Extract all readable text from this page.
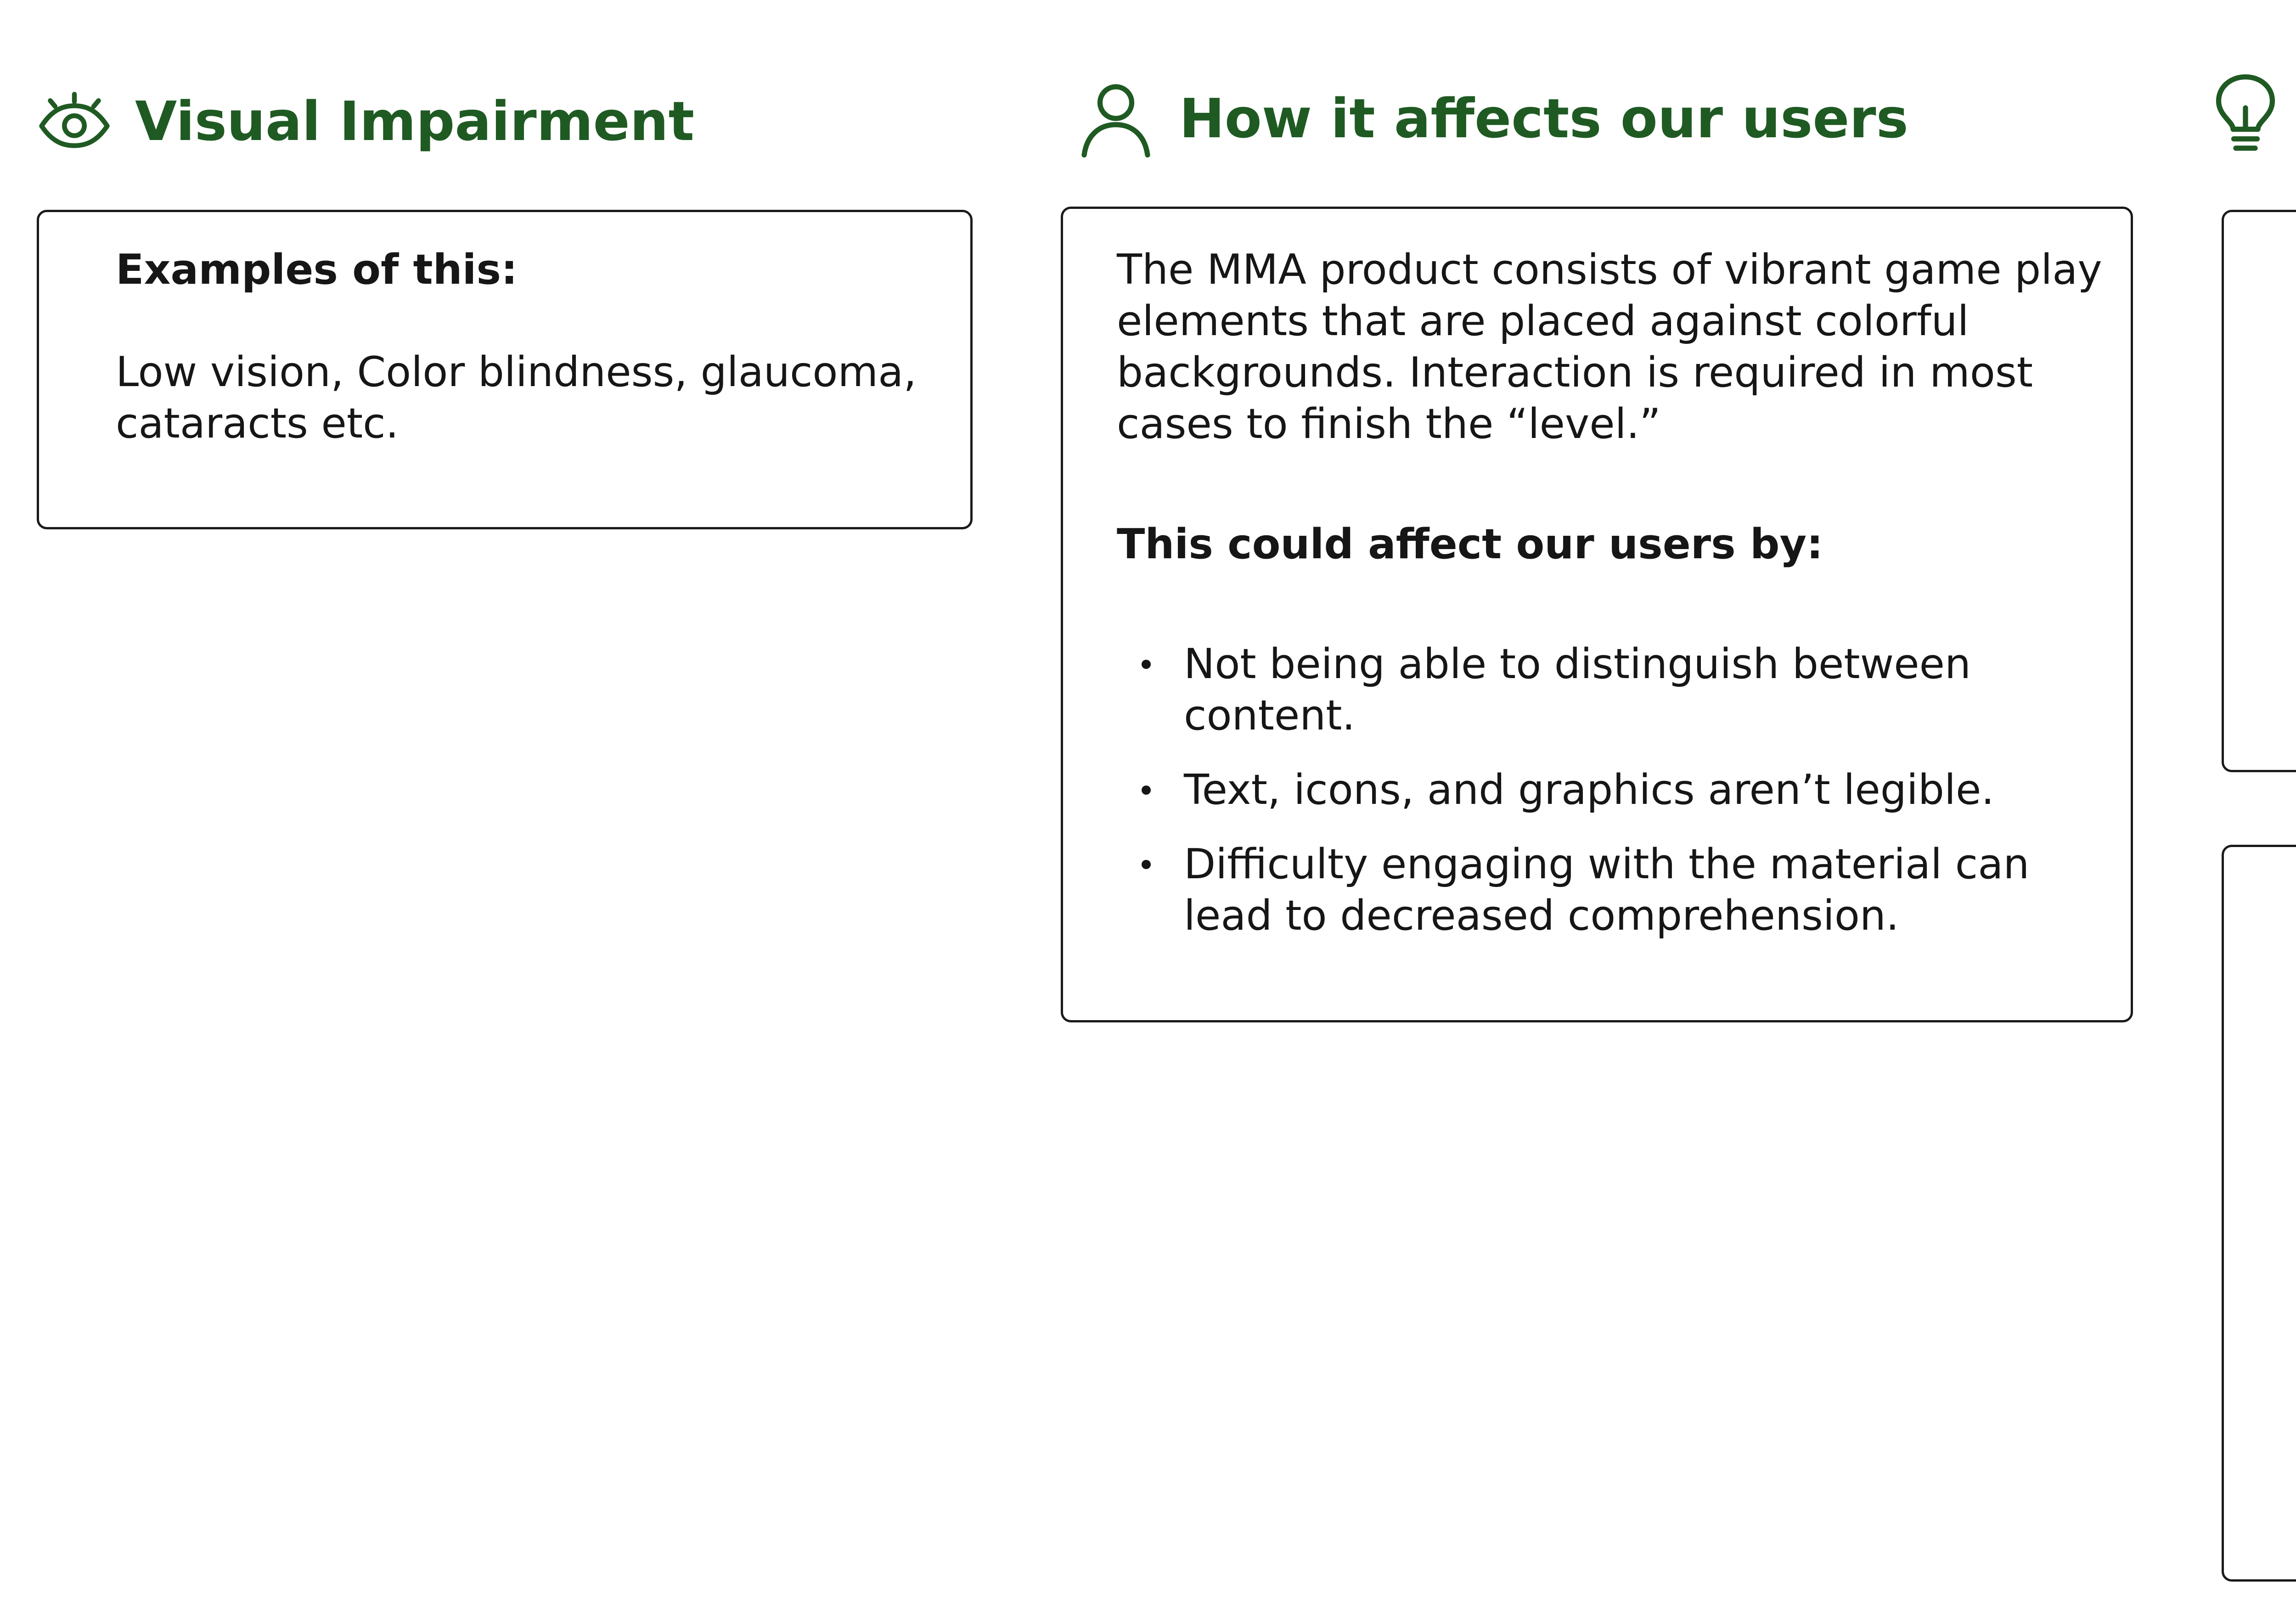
Visual Impairment
Examples of this:
Low vision, Color blindness, glaucoma, cataracts etc.
How it affects our users
The MMA product consists of vibrant game play elements that are placed against colorful backgrounds. Interaction is required in most cases to finish the “level.”
This could affect our users by:
Not being able to distinguish between content.
Text, icons, and graphics aren’t legible.
Difficulty engaging with the material can lead to decreased comprehension.
